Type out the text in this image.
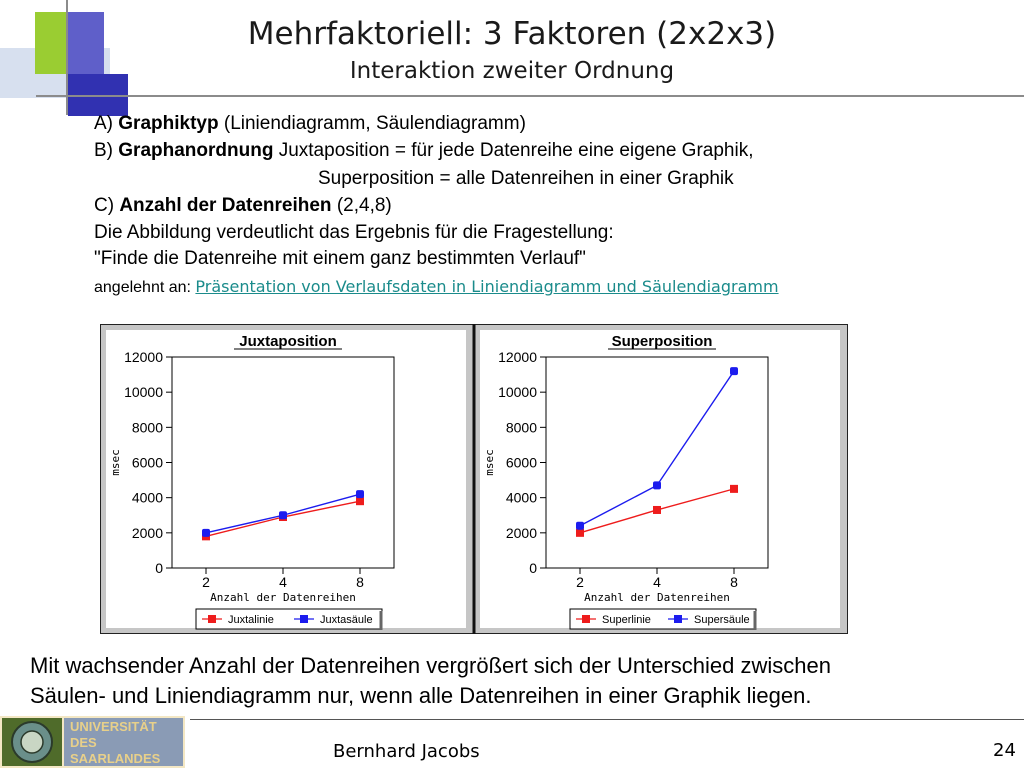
Mehrfaktoriell: 3 Faktoren (2x2x3)
Interaktion zweiter Ordnung
A) Graphiktyp (Liniendiagramm, Säulendiagramm)
B) Graphanordnung Juxtaposition = für jede Datenreihe eine eigene Graphik,
Superposition = alle Datenreihen in einer Graphik
C) Anzahl der Datenreihen (2,4,8)
Die Abbildung verdeutlicht das Ergebnis für die Fragestellung:
"Finde die Datenreihe mit einem ganz bestimmten Verlauf"
angelehnt an: Präsentation von Verlaufsdaten in Liniendiagramm und Säulendiagramm
Juxtaposition
0
2000
4000
6000
8000
10000
12000
2	4	8
Anzahl der Datenreihen
msec
Juxtalinie	Juxtasäule
Superposition
0
2000
4000
6000
8000
10000
12000
2	4	8
Anzahl der Datenreihen
msec
Superlinie	Supersäule
Mit wachsender Anzahl der Datenreihen vergrößert sich der Unterschied zwischen
Säulen- und Liniendiagramm nur, wenn alle Datenreihen in einer Graphik liegen.
UNIVERSITÄT
DES
SAARLANDES	Bernhard Jacobs	24
